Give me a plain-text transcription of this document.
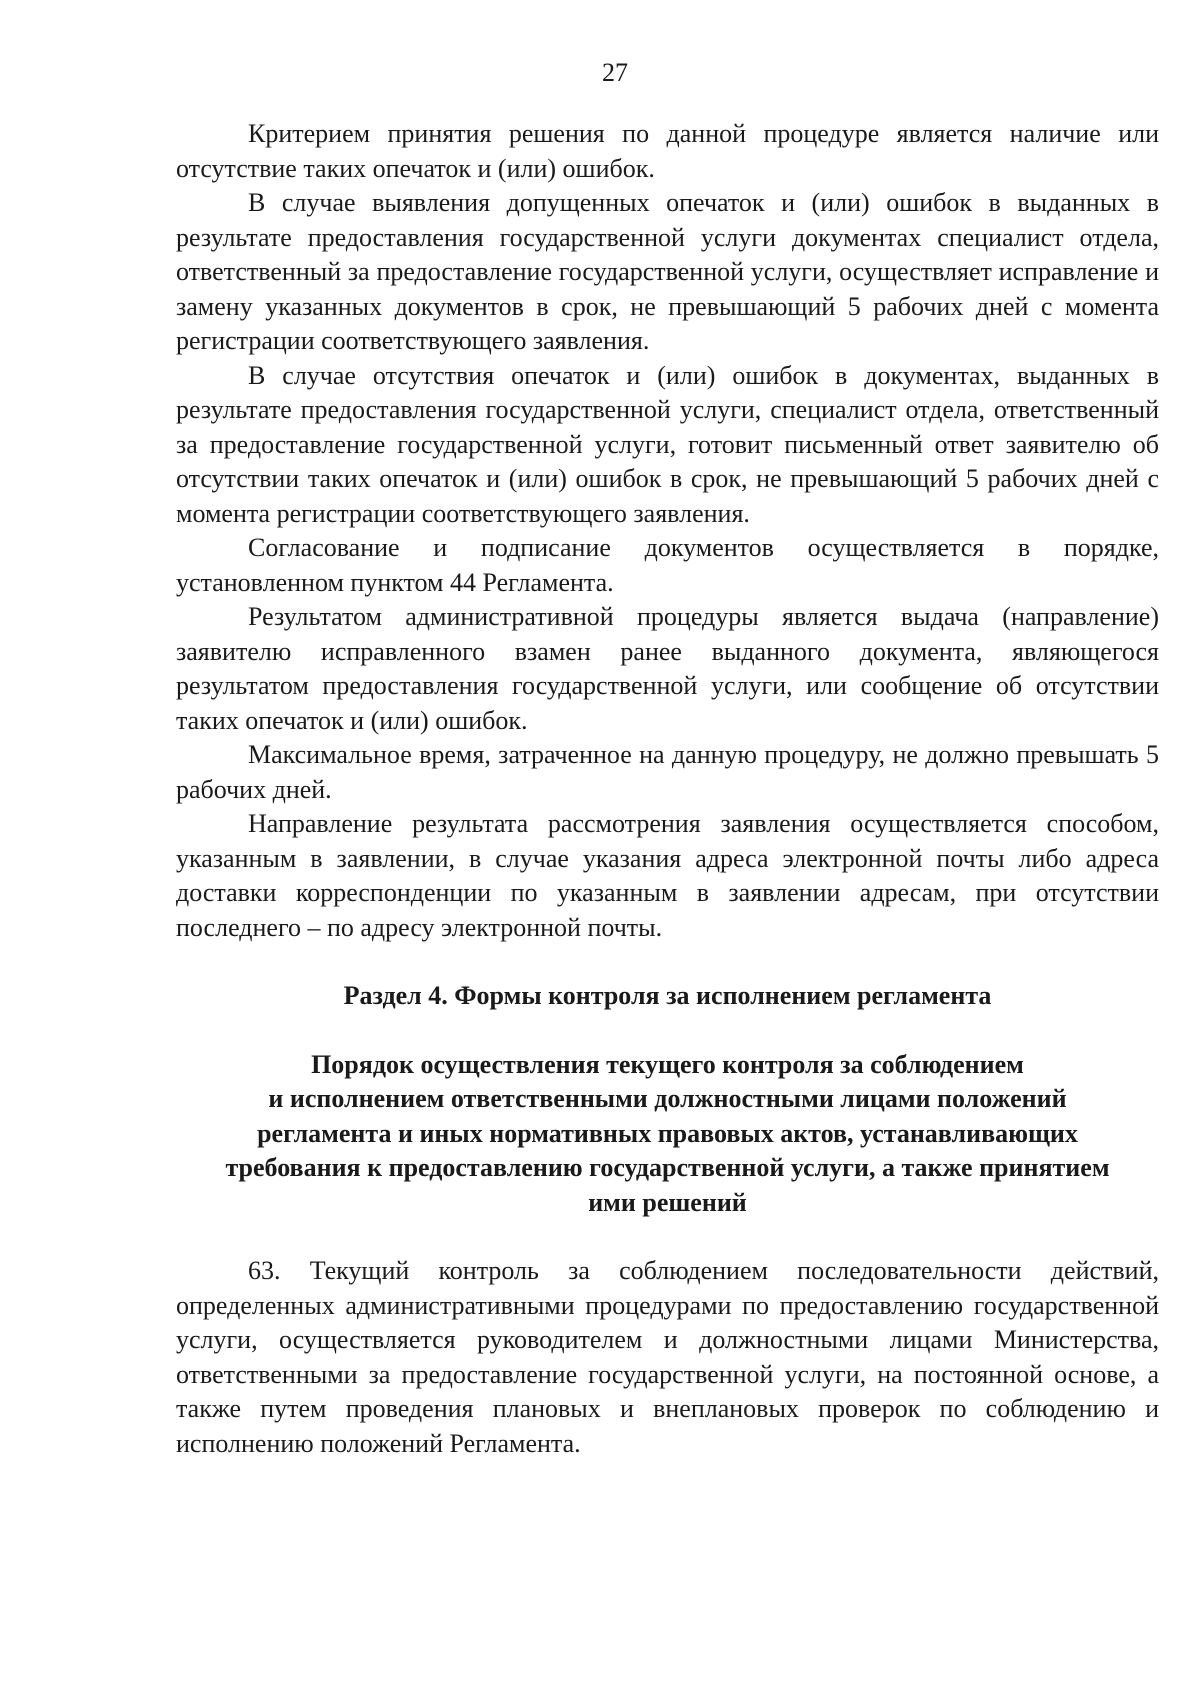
27

Критерием принятия решения по данной процедуре является наличие или отсутствие таких опечаток и (или) ошибок.

В случае выявления допущенных опечаток и (или) ошибок в выданных в результате предоставления государственной услуги документах специалист отдела, ответственный за предоставление государственной услуги, осуществляет исправление и замену указанных документов в срок, не превышающий 5 рабочих дней с момента регистрации соответствующего заявления.

В случае отсутствия опечаток и (или) ошибок в документах, выданных в результате предоставления государственной услуги, специалист отдела, ответственный за предоставление государственной услуги, готовит письменный ответ заявителю об отсутствии таких опечаток и (или) ошибок в срок, не превышающий 5 рабочих дней с момента регистрации соответствующего заявления.

Согласование и подписание документов осуществляется в порядке, установленном пунктом 44 Регламента.

Результатом административной процедуры является выдача (направление) заявителю исправленного взамен ранее выданного документа, являющегося результатом предоставления государственной услуги, или сообщение об отсутствии таких опечаток и (или) ошибок.

Максимальное время, затраченное на данную процедуру, не должно превышать 5 рабочих дней.

Направление результата рассмотрения заявления осуществляется способом, указанным в заявлении, в случае указания адреса электронной почты либо адреса доставки корреспонденции по указанным в заявлении адресам, при отсутствии последнего – по адресу электронной почты.

Раздел 4. Формы контроля за исполнением регламента
Порядок осуществления текущего контроля за соблюдением
и исполнением ответственными должностными лицами положений
регламента и иных нормативных правовых актов, устанавливающих
требования к предоставлению государственной услуги, а также принятием
ими решений

63. Текущий контроль за соблюдением последовательности действий, определенных административными процедурами по предоставлению государственной услуги, осуществляется руководителем и должностными лицами Министерства, ответственными за предоставление государственной услуги, на постоянной основе, а также путем проведения плановых и внеплановых проверок по соблюдению и исполнению положений Регламента.
